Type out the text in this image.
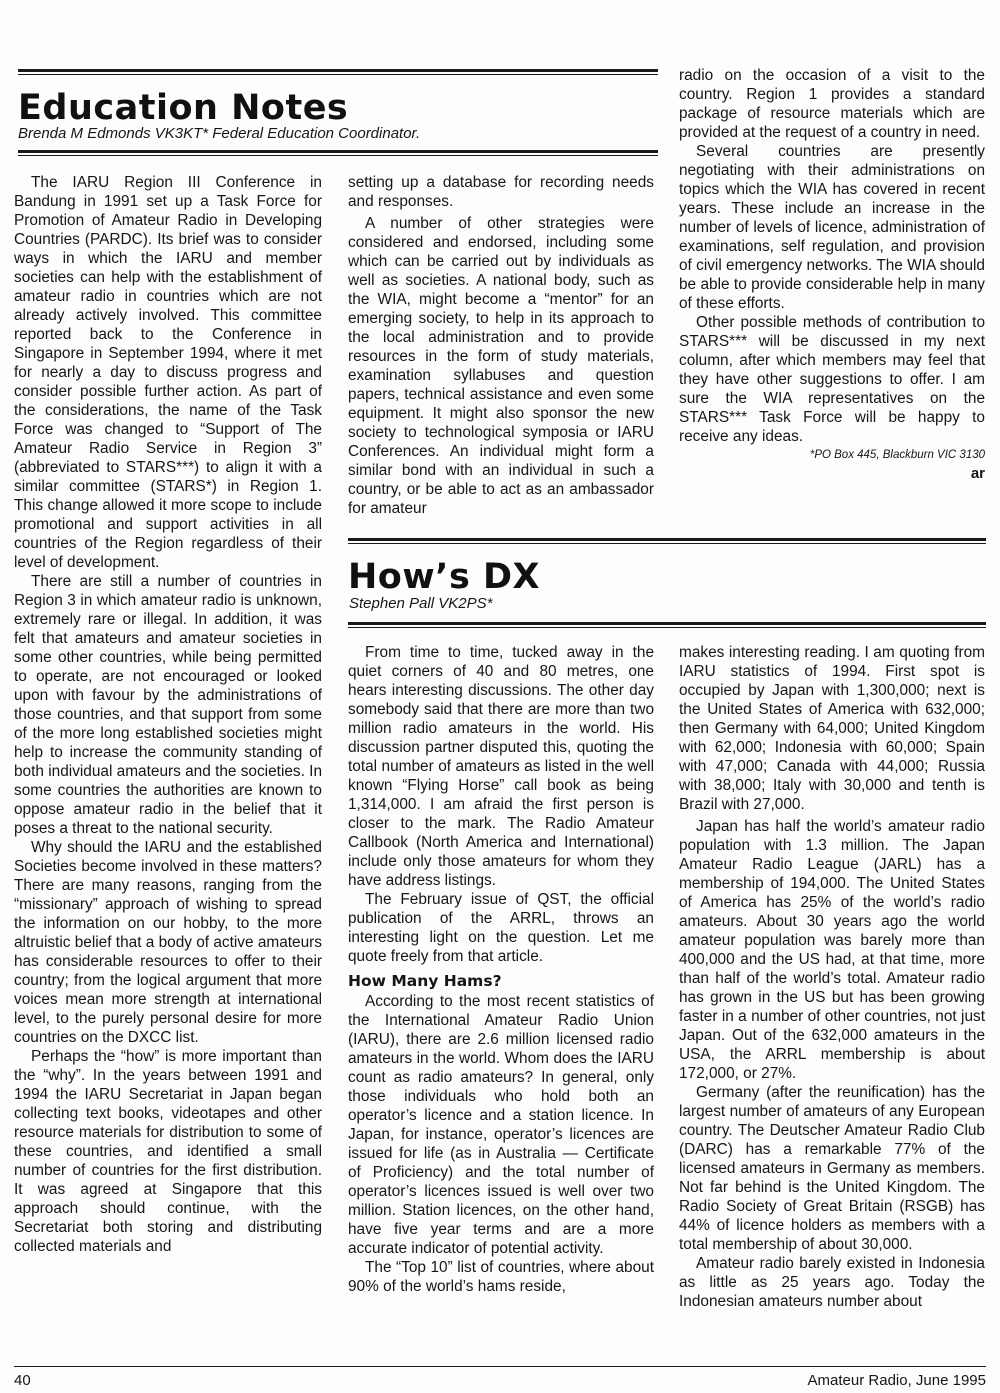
Education Notes
Brenda M Edmonds VK3KT* Federal Education Coordinator.

The IARU Region III Conference in Bandung in 1991 set up a Task Force for Promotion of Amateur Radio in Developing Countries (PARDC). Its brief was to consider ways in which the IARU and member societies can help with the establishment of amateur radio in countries which are not already actively involved. This committee reported back to the Conference in Singapore in September 1994, where it met for nearly a day to discuss progress and consider possible further action. As part of the considerations, the name of the Task Force was changed to “Support of The Amateur Radio Service in Region 3” (abbreviated to STARS***) to align it with a similar committee (STARS*) in Region 1. This change allowed it more scope to include promotional and support activities in all countries of the Region regardless of their level of development.

There are still a number of countries in Region 3 in which amateur radio is unknown, extremely rare or illegal. In addition, it was felt that amateurs and amateur societies in some other countries, while being permitted to operate, are not encouraged or looked upon with favour by the administrations of those countries, and that support from some of the more long established societies might help to increase the community standing of both individual amateurs and the societies. In some countries the authorities are known to oppose amateur radio in the belief that it poses a threat to the national security.

Why should the IARU and the established Societies become involved in these matters? There are many reasons, ranging from the “missionary” approach of wishing to spread the information on our hobby, to the more altruistic belief that a body of active amateurs has considerable resources to offer to their country; from the logical argument that more voices mean more strength at international level, to the purely personal desire for more countries on the DXCC list.

Perhaps the “how” is more important than the “why”. In the years between 1991 and 1994 the IARU Secretariat in Japan began collecting text books, videotapes and other resource materials for distribution to some of these countries, and identified a small number of countries for the first distribution. It was agreed at Singapore that this approach should continue, with the Secretariat both storing and distributing collected materials and

setting up a database for recording needs and responses.

A number of other strategies were considered and endorsed, including some which can be carried out by individuals as well as societies. A national body, such as the WIA, might become a “mentor” for an emerging society, to help in its approach to the local administration and to provide resources in the form of study materials, examination syllabuses and question papers, technical assistance and even some equipment. It might also sponsor the new society to technological symposia or IARU Conferences. An individual might form a similar bond with an individual in such a country, or be able to act as an ambassador for amateur

radio on the occasion of a visit to the country. Region 1 provides a standard package of resource materials which are provided at the request of a country in need.

Several countries are presently negotiating with their administrations on topics which the WIA has covered in recent years. These include an increase in the number of levels of licence, administration of examinations, self regulation, and provision of civil emergency networks. The WIA should be able to provide considerable help in many of these efforts.

Other possible methods of contribution to STARS*** will be discussed in my next column, after which members may feel that they have other suggestions to offer. I am sure the WIA representatives on the STARS*** Task Force will be happy to receive any ideas.

*PO Box 445, Blackburn VIC 3130
ar
How’s DX
Stephen Pall VK2PS*

From time to time, tucked away in the quiet corners of 40 and 80 metres, one hears interesting discussions. The other day somebody said that there are more than two million radio amateurs in the world. His discussion partner disputed this, quoting the total number of amateurs as listed in the well known “Flying Horse” call book as being 1,314,000. I am afraid the first person is closer to the mark. The Radio Amateur Callbook (North America and International) include only those amateurs for whom they have address listings.

The February issue of QST, the official publication of the ARRL, throws an interesting light on the question. Let me quote freely from that article.

How Many Hams?

According to the most recent statistics of the International Amateur Radio Union (IARU), there are 2.6 million licensed radio amateurs in the world. Whom does the IARU count as radio amateurs? In general, only those individuals who hold both an operator’s licence and a station licence. In Japan, for instance, operator’s licences are issued for life (as in Australia — Certificate of Proficiency) and the total number of operator’s licences issued is well over two million. Station licences, on the other hand, have five year terms and are a more accurate indicator of potential activity.

The “Top 10” list of countries, where about 90% of the world’s hams reside,

makes interesting reading. I am quoting from IARU statistics of 1994. First spot is occupied by Japan with 1,300,000; next is the United States of America with 632,000; then Germany with 64,000; United Kingdom with 62,000; Indonesia with 60,000; Spain with 47,000; Canada with 44,000; Russia with 38,000; Italy with 30,000 and tenth is Brazil with 27,000.

Japan has half the world’s amateur radio population with 1.3 million. The Japan Amateur Radio League (JARL) has a membership of 194,000. The United States of America has 25% of the world’s radio amateurs. About 30 years ago the world amateur population was barely more than 400,000 and the US had, at that time, more than half of the world’s total. Amateur radio has grown in the US but has been growing faster in a number of other countries, not just Japan. Out of the 632,000 amateurs in the USA, the ARRL membership is about 172,000, or 27%.

Germany (after the reunification) has the largest number of amateurs of any European country. The Deutscher Amateur Radio Club (DARC) has a remarkable 77% of the licensed amateurs in Germany as members. Not far behind is the United Kingdom. The Radio Society of Great Britain (RSGB) has 44% of licence holders as members with a total membership of about 30,000.

Amateur radio barely existed in Indonesia as little as 25 years ago. Today the Indonesian amateurs number about

40	Amateur Radio, June 1995
